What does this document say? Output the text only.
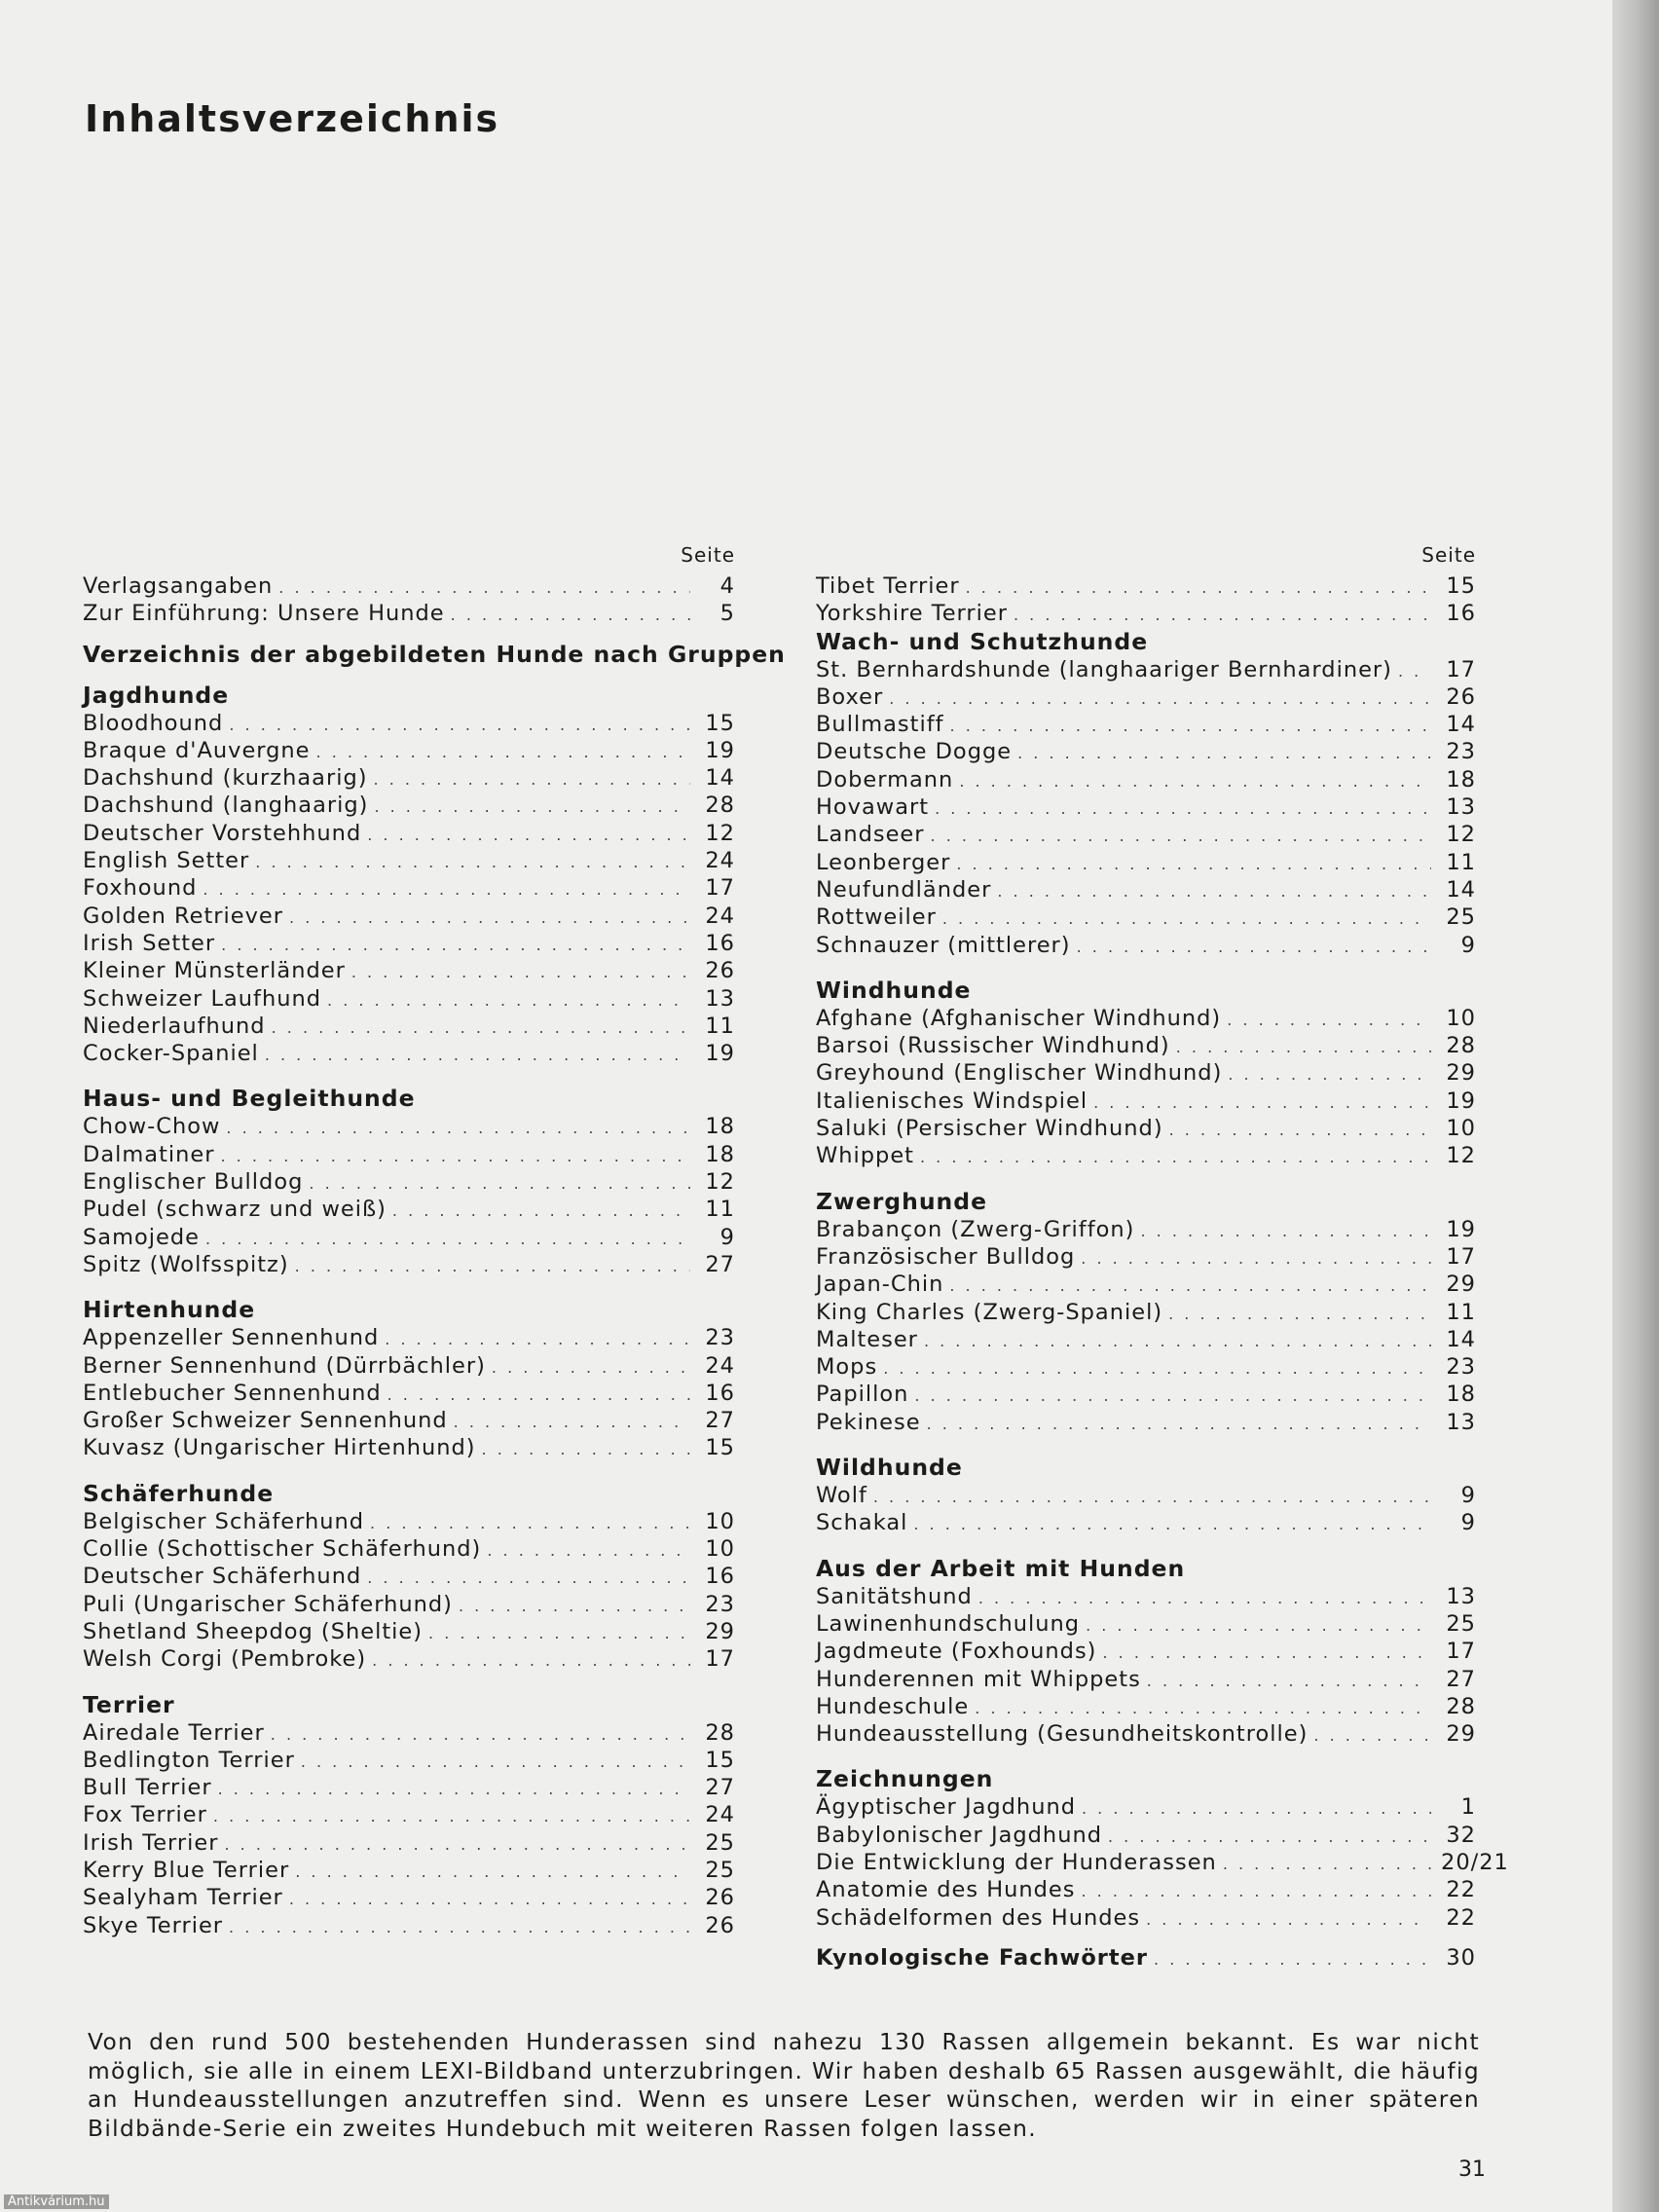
Inhaltsverzeichnis
Seite
Verlagsangaben . . .	4
Zur Einführung: Unsere Hunde . . .	5
Verzeichnis der abgebildeten Hunde nach Gruppen
Jagdhunde
Bloodhound . . .	15
Braque d'Auvergne . . .	19
Dachshund (kurzhaarig) . . .	14
Dachshund (langhaarig) . . .	28
Deutscher Vorstehhund . . .	12
English Setter . . .	24
Foxhound . . .	17
Golden Retriever . . .	24
Irish Setter . . .	16
Kleiner Münsterländer . . .	26
Schweizer Laufhund . . .	13
Niederlaufhund . . .	11
Cocker-Spaniel . . .	19
Haus- und Begleithunde
Chow-Chow . . .	18
Dalmatiner . . .	18
Englischer Bulldog . . .	12
Pudel (schwarz und weiß) . . .	11
Samojede . . .	9
Spitz (Wolfsspitz) . . .	27
Hirtenhunde
Appenzeller Sennenhund . . .	23
Berner Sennenhund (Dürrbächler) . . .	24
Entlebucher Sennenhund . . .	16
Großer Schweizer Sennenhund . . .	27
Kuvasz (Ungarischer Hirtenhund) . . .	15
Schäferhunde
Belgischer Schäferhund . . .	10
Collie (Schottischer Schäferhund) . . .	10
Deutscher Schäferhund . . .	16
Puli (Ungarischer Schäferhund) . . .	23
Shetland Sheepdog (Sheltie) . . .	29
Welsh Corgi (Pembroke) . . .	17
Terrier
Airedale Terrier . . .	28
Bedlington Terrier . . .	15
Bull Terrier . . .	27
Fox Terrier . . .	24
Irish Terrier . . .	25
Kerry Blue Terrier . . .	25
Sealyham Terrier . . .	26
Skye Terrier . . .	26
Seite
Tibet Terrier . . .	15
Yorkshire Terrier . . .	16
Wach- und Schutzhunde
St. Bernhardshunde (langhaariger Bernhardiner) . . . 17
Boxer . . .	26
Bullmastiff . . .	14
Deutsche Dogge . . .	23
Dobermann . . .	18
Hovawart . . .	13
Landseer . . .	12
Leonberger . . .	11
Neufundländer . . .	14
Rottweiler . . .	25
Schnauzer (mittlerer) . . .	9
Windhunde
Afghane (Afghanischer Windhund) . . .	10
Barsoi (Russischer Windhund) . . .	28
Greyhound (Englischer Windhund) . . .	29
Italienisches Windspiel . . .	19
Saluki (Persischer Windhund) . . .	10
Whippet . . .	12
Zwerghunde
Brabançon (Zwerg-Griffon) . . .	19
Französischer Bulldog . . .	17
Japan-Chin . . .	29
King Charles (Zwerg-Spaniel) . . .	11
Malteser . . .	14
Mops . . .	23
Papillon . . .	18
Pekinese . . .	13
Wildhunde
Wolf . . .	9
Schakal . . .	9
Aus der Arbeit mit Hunden
Sanitätshund . . .	13
Lawinenhundschulung . . .	25
Jagdmeute (Foxhounds) . . .	17
Hunderennen mit Whippets . . .	27
Hundeschule . . .	28
Hundeausstellung (Gesundheitskontrolle) . . .	29
Zeichnungen
Ägyptischer Jagdhund . . .	1
Babylonischer Jagdhund . . .	32
Die Entwicklung der Hunderassen . . .	20/21
Anatomie des Hundes . . .	22
Schädelformen des Hundes . . .	22
Kynologische Fachwörter . . .	30

Von den rund 500 bestehenden Hunderassen sind nahezu 130 Rassen allgemein bekannt. Es war nicht möglich, sie alle in einem LEXI-Bildband unterzubringen. Wir haben deshalb 65 Rassen ausgewählt, die häufig an Hundeausstellungen anzutreffen sind. Wenn es unsere Leser wünschen, werden wir in einer späteren Bildbände-Serie ein zweites Hundebuch mit weiteren Rassen folgen lassen.

31
Antikvárium.hu
